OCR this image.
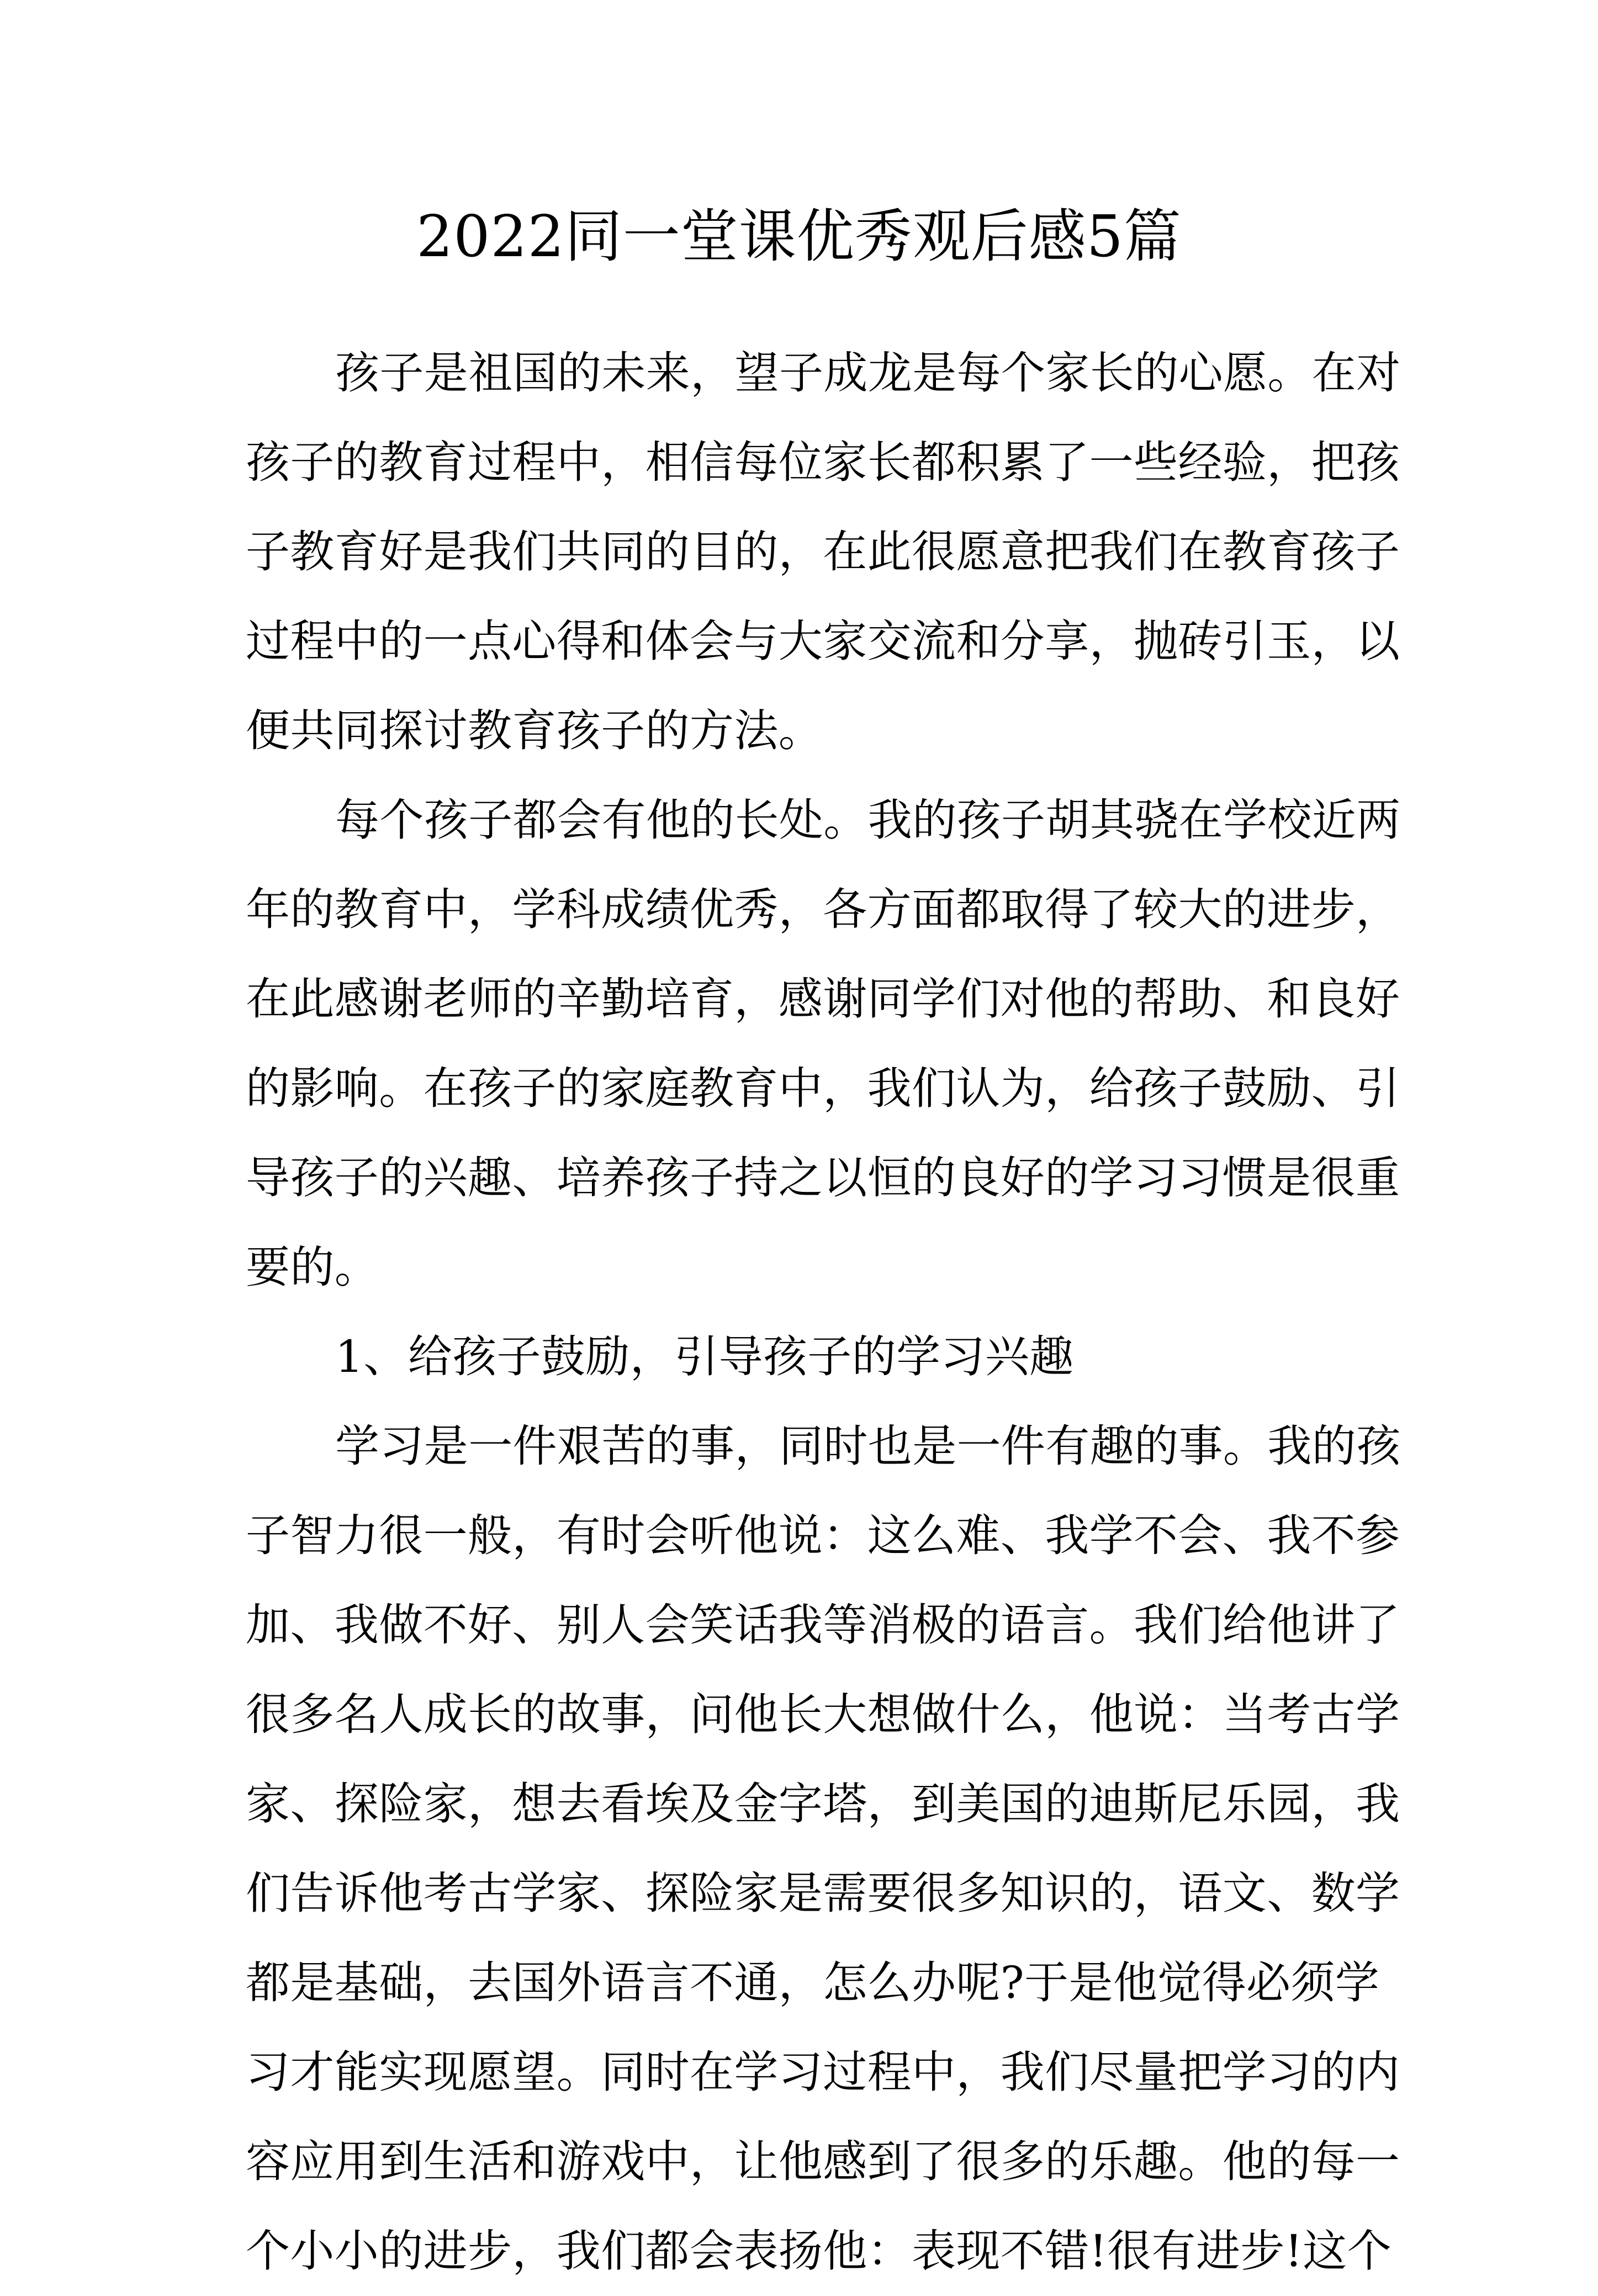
2022同一堂课优秀观后感5篇
孩子是祖国的未来，望子成龙是每个家长的心愿。在对
孩子的教育过程中，相信每位家长都积累了一些经验，把孩
子教育好是我们共同的目的，在此很愿意把我们在教育孩子
过程中的一点心得和体会与大家交流和分享，抛砖引玉，以
便共同探讨教育孩子的方法。
每个孩子都会有他的长处。我的孩子胡其骁在学校近两
年的教育中，学科成绩优秀，各方面都取得了较大的进步，
在此感谢老师的辛勤培育，感谢同学们对他的帮助、和良好
的影响。在孩子的家庭教育中，我们认为，给孩子鼓励、引
导孩子的兴趣、培养孩子持之以恒的良好的学习习惯是很重
要的。
1、给孩子鼓励，引导孩子的学习兴趣
学习是一件艰苦的事，同时也是一件有趣的事。我的孩
子智力很一般，有时会听他说：这么难、我学不会、我不参
加、我做不好、别人会笑话我等消极的语言。我们给他讲了
很多名人成长的故事，问他长大想做什么，他说：当考古学
家、探险家，想去看埃及金字塔，到美国的迪斯尼乐园，我
们告诉他考古学家、探险家是需要很多知识的，语文、数学
都是基础，去国外语言不通，怎么办呢?于是他觉得必须学
习才能实现愿望。同时在学习过程中，我们尽量把学习的内
容应用到生活和游戏中，让他感到了很多的乐趣。他的每一
个小小的进步，我们都会表扬他：表现不错!很有进步!这个
